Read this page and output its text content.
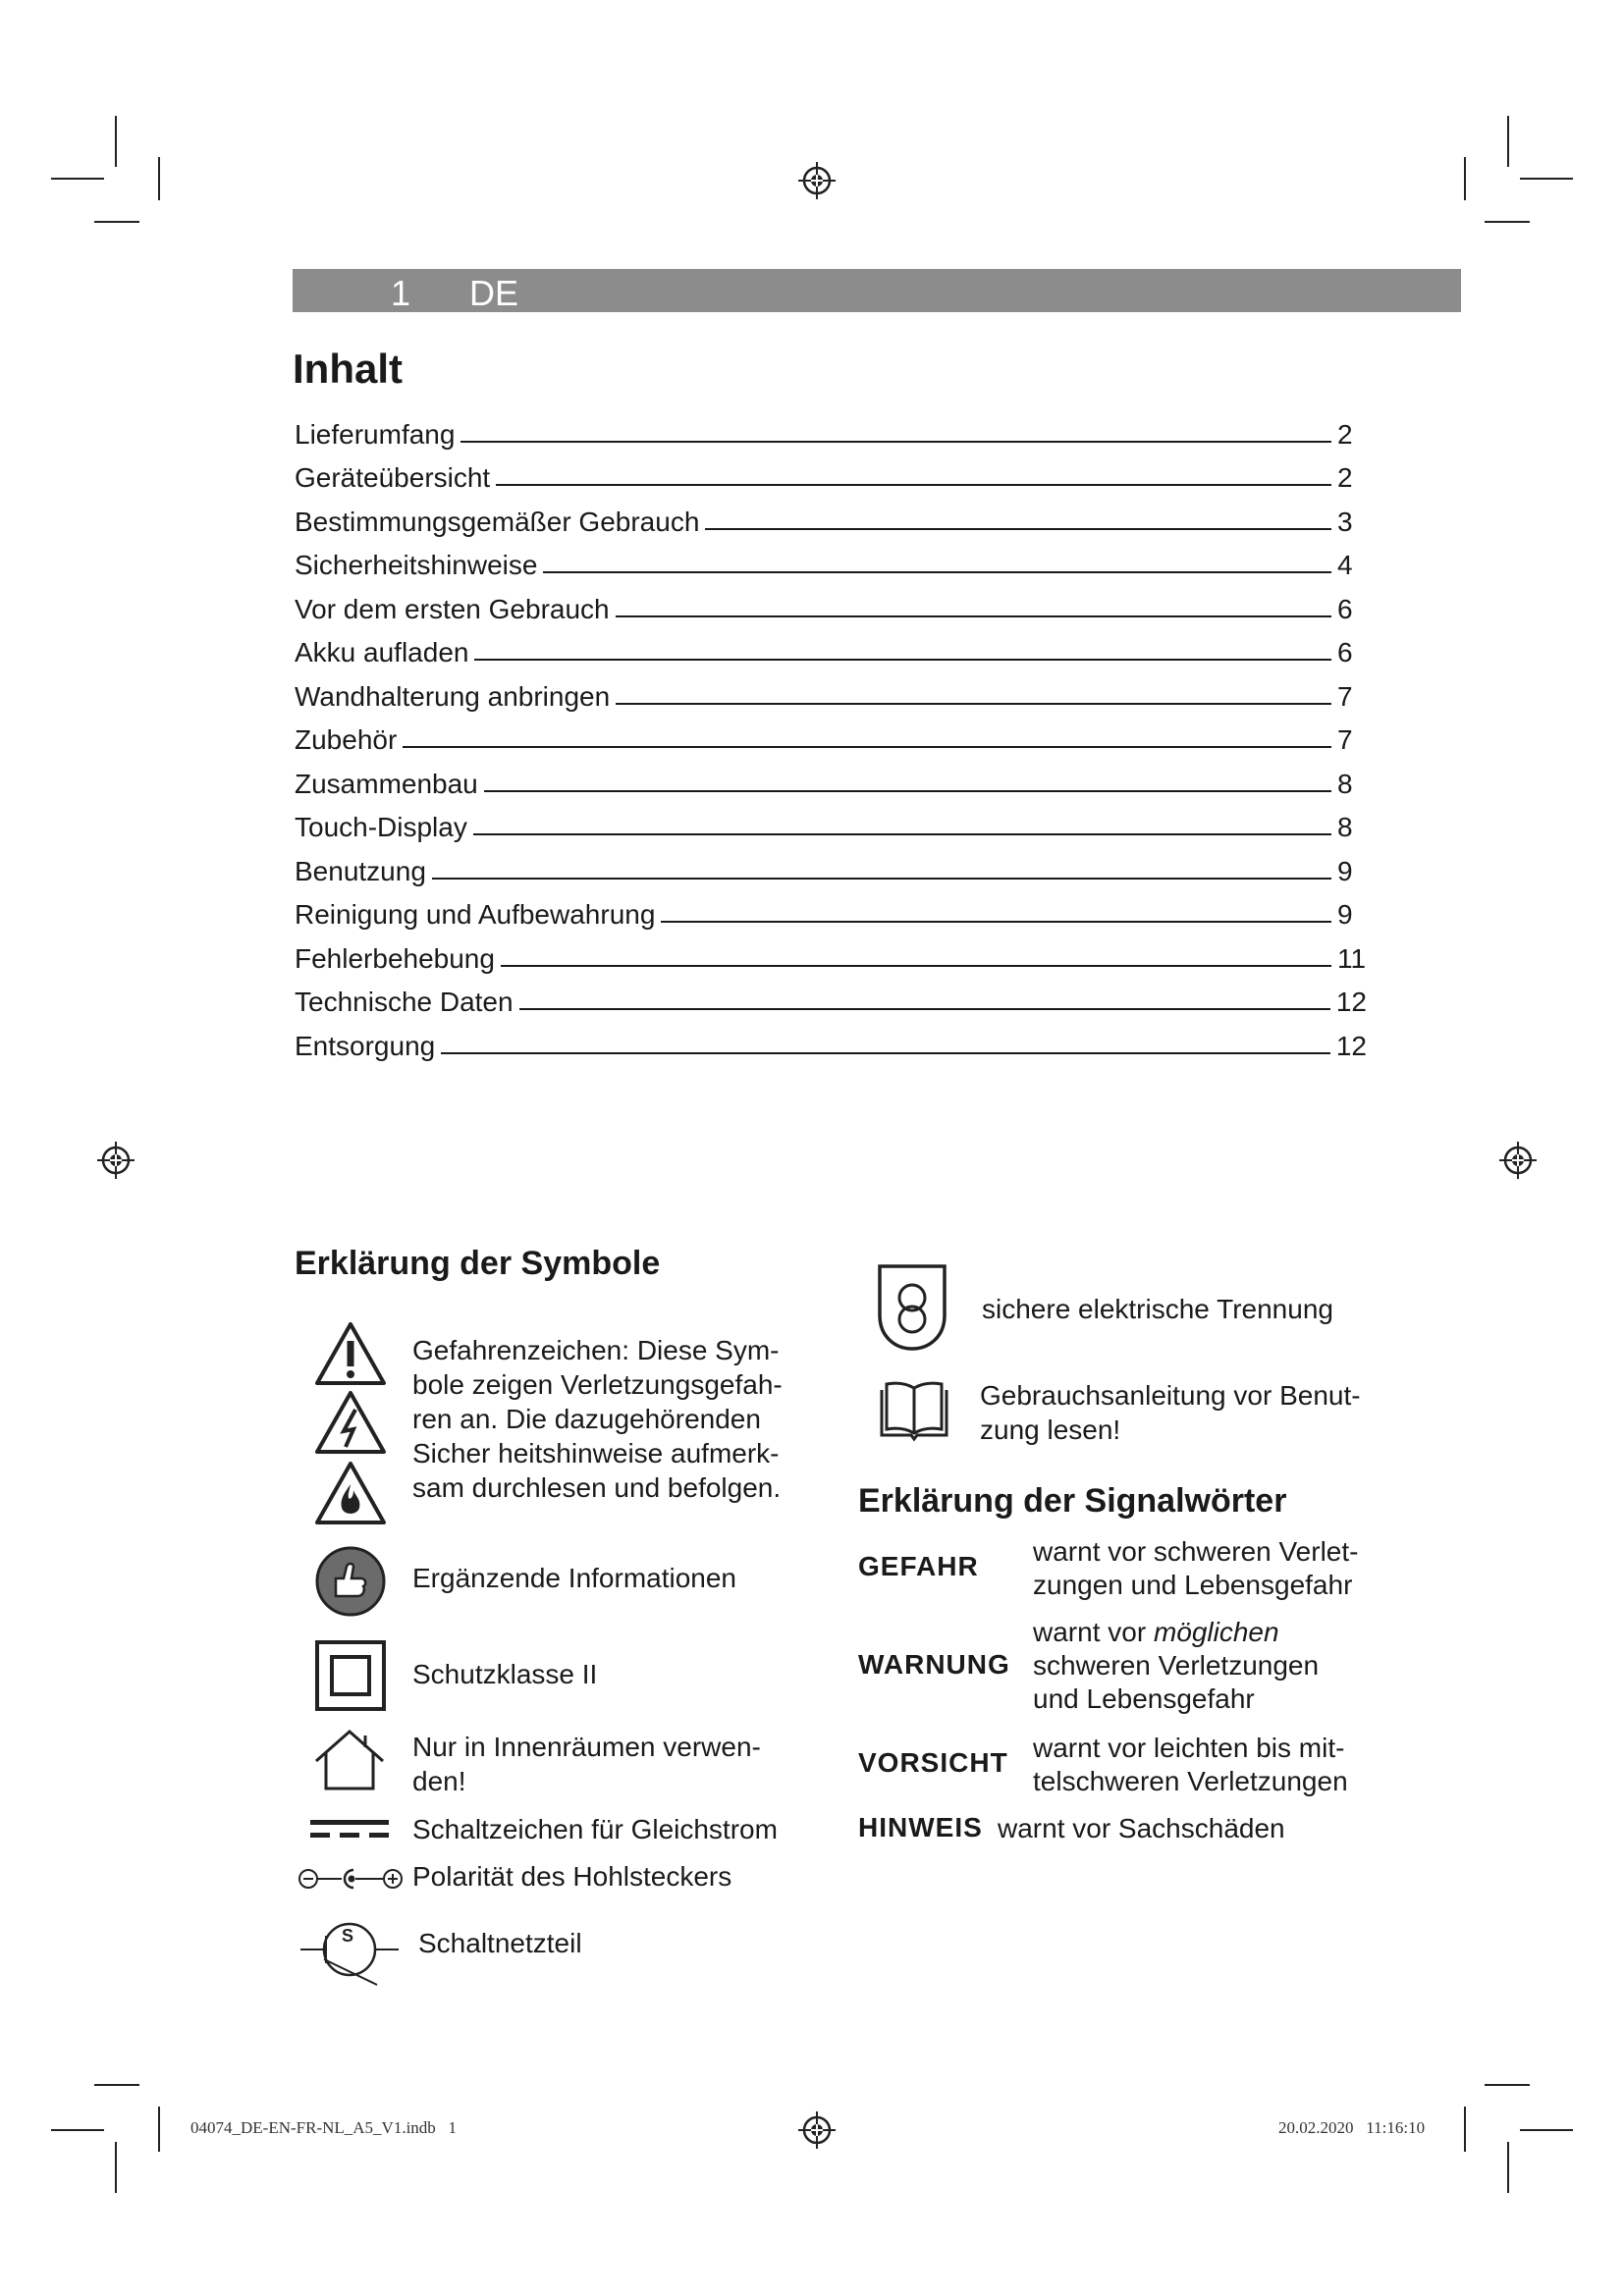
1 DE
Inhalt
Lieferumfang	2
Geräteübersicht	2
Bestimmungsgemäßer Gebrauch	3
Sicherheitshinweise	4
Vor dem ersten Gebrauch	6
Akku aufladen	6
Wandhalterung anbringen	7
Zubehör	7
Zusammenbau	8
Touch-Display	8
Benutzung	9
Reinigung und Aufbewahrung	9
Fehlerbehebung	11
Technische Daten	12
Entsorgung	12
Erklärung der Symbole
Gefahrenzeichen: Diese Sym-
bole zeigen Verletzungsgefah-
ren an. Die dazugehörenden
Sicher heitshinweise aufmerk-
sam durchlesen und befolgen.
Ergänzende Informationen
Schutzklasse II
Nur in Innenräumen verwen-
den!
Schaltzeichen für Gleichstrom
Polarität des Hohlsteckers
S Schaltnetzteil
sichere elektrische Trennung
Gebrauchsanleitung vor Benut-
zung lesen!
Erklärung der Signalwörter
GEFAHR warnt vor schweren Verlet-
zungen und Lebensgefahr
WARNUNG
warnt vor möglichen
schweren Verletzungen
und Lebensgefahr
VORSICHT warnt vor leichten bis mit-
telschweren Verletzungen
HINWEIS warnt vor Sachschäden
04074_DE-EN-FR-NL_A5_V1.indb   1	20.02.2020   11:16:10
